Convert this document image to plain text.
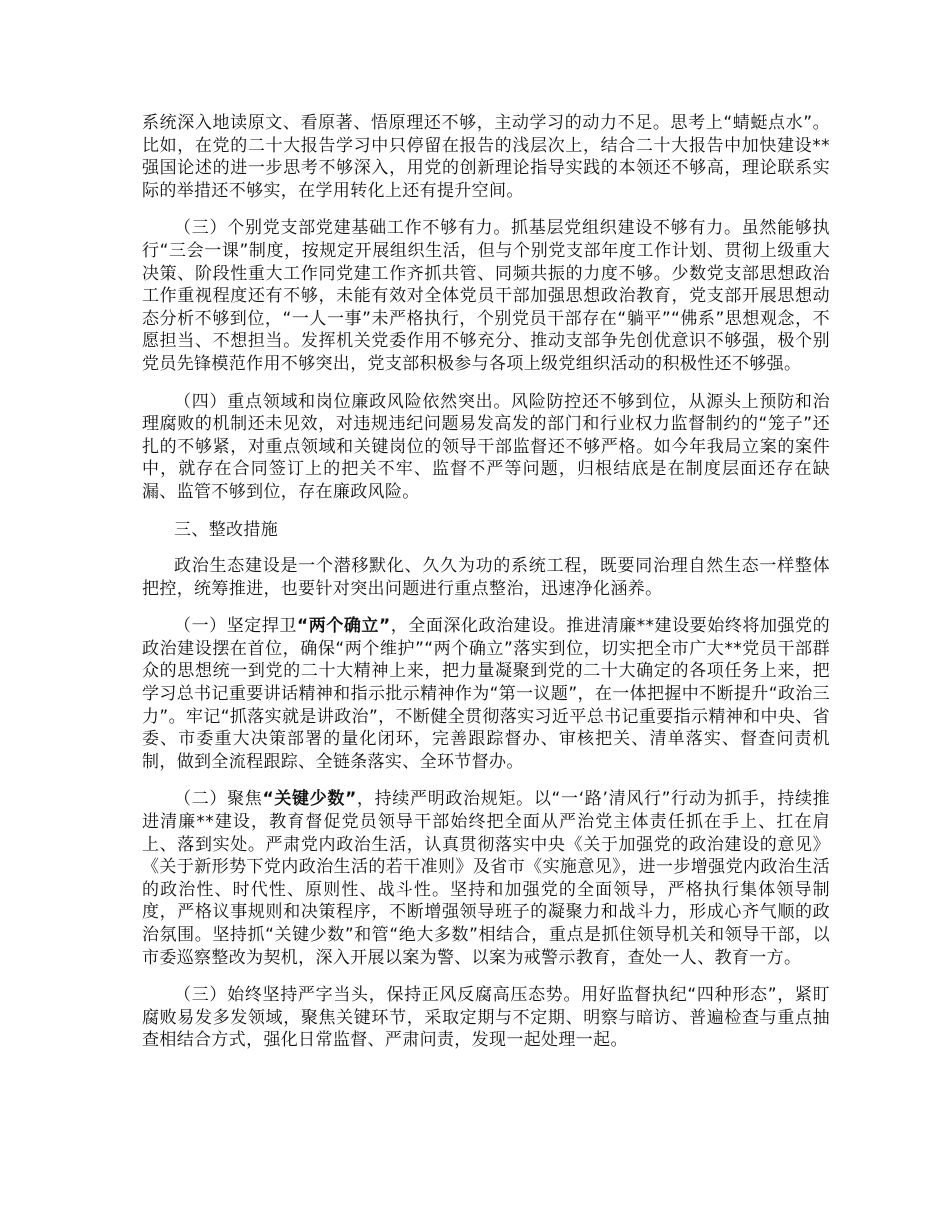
系统深入地读原文、看原著、悟原理还不够，主动学习的动力不足。思考上“蜻蜓点水”。比如，在党的二十大报告学习中只停留在报告的浅层次上，结合二十大报告中加快建设**强国论述的进一步思考不够深入，用党的创新理论指导实践的本领还不够高，理论联系实际的举措还不够实，在学用转化上还有提升空间。

（三）个别党支部党建基础工作不够有力。抓基层党组织建设不够有力。虽然能够执行“三会一课”制度，按规定开展组织生活，但与个别党支部年度工作计划、贯彻上级重大决策、阶段性重大工作同党建工作齐抓共管、同频共振的力度不够。少数党支部思想政治工作重视程度还有不够，未能有效对全体党员干部加强思想政治教育，党支部开展思想动态分析不够到位，“一人一事”未严格执行，个别党员干部存在“躺平”“佛系”思想观念，不愿担当、不想担当。发挥机关党委作用不够充分、推动支部争先创优意识不够强，极个别党员先锋模范作用不够突出，党支部积极参与各项上级党组织活动的积极性还不够强。

（四）重点领域和岗位廉政风险依然突出。风险防控还不够到位，从源头上预防和治理腐败的机制还未见效，对违规违纪问题易发高发的部门和行业权力监督制约的“笼子”还扎的不够紧，对重点领域和关键岗位的领导干部监督还不够严格。如今年我局立案的案件中，就存在合同签订上的把关不牢、监督不严等问题，归根结底是在制度层面还存在缺漏、监管不够到位，存在廉政风险。

三、整改措施

政治生态建设是一个潜移默化、久久为功的系统工程，既要同治理自然生态一样整体把控，统筹推进，也要针对突出问题进行重点整治，迅速净化涵养。

（一）坚定捍卫“两个确立”，全面深化政治建设。推进清廉**建设要始终将加强党的政治建设摆在首位，确保“两个维护”“两个确立”落实到位，切实把全市广大**党员干部群众的思想统一到党的二十大精神上来，把力量凝聚到党的二十大确定的各项任务上来，把学习总书记重要讲话精神和指示批示精神作为“第一议题”，在一体把握中不断提升“政治三力”。牢记“抓落实就是讲政治”，不断健全贯彻落实习近平总书记重要指示精神和中央、省委、市委重大决策部署的量化闭环，完善跟踪督办、审核把关、清单落实、督查问责机制，做到全流程跟踪、全链条落实、全环节督办。

（二）聚焦“关键少数”，持续严明政治规矩。以“一‘路’清风行”行动为抓手，持续推进清廉**建设，教育督促党员领导干部始终把全面从严治党主体责任抓在手上、扛在肩上、落到实处。严肃党内政治生活，认真贯彻落实中央《关于加强党的政治建设的意见》《关于新形势下党内政治生活的若干准则》及省市《实施意见》，进一步增强党内政治生活的政治性、时代性、原则性、战斗性。坚持和加强党的全面领导，严格执行集体领导制度，严格议事规则和决策程序，不断增强领导班子的凝聚力和战斗力，形成心齐气顺的政治氛围。坚持抓“关键少数”和管“绝大多数”相结合，重点是抓住领导机关和领导干部，以市委巡察整改为契机，深入开展以案为警、以案为戒警示教育，查处一人、教育一方。

（三）始终坚持严字当头，保持正风反腐高压态势。用好监督执纪“四种形态”，紧盯腐败易发多发领域，聚焦关键环节，采取定期与不定期、明察与暗访、普遍检查与重点抽查相结合方式，强化日常监督、严肃问责，发现一起处理一起。
